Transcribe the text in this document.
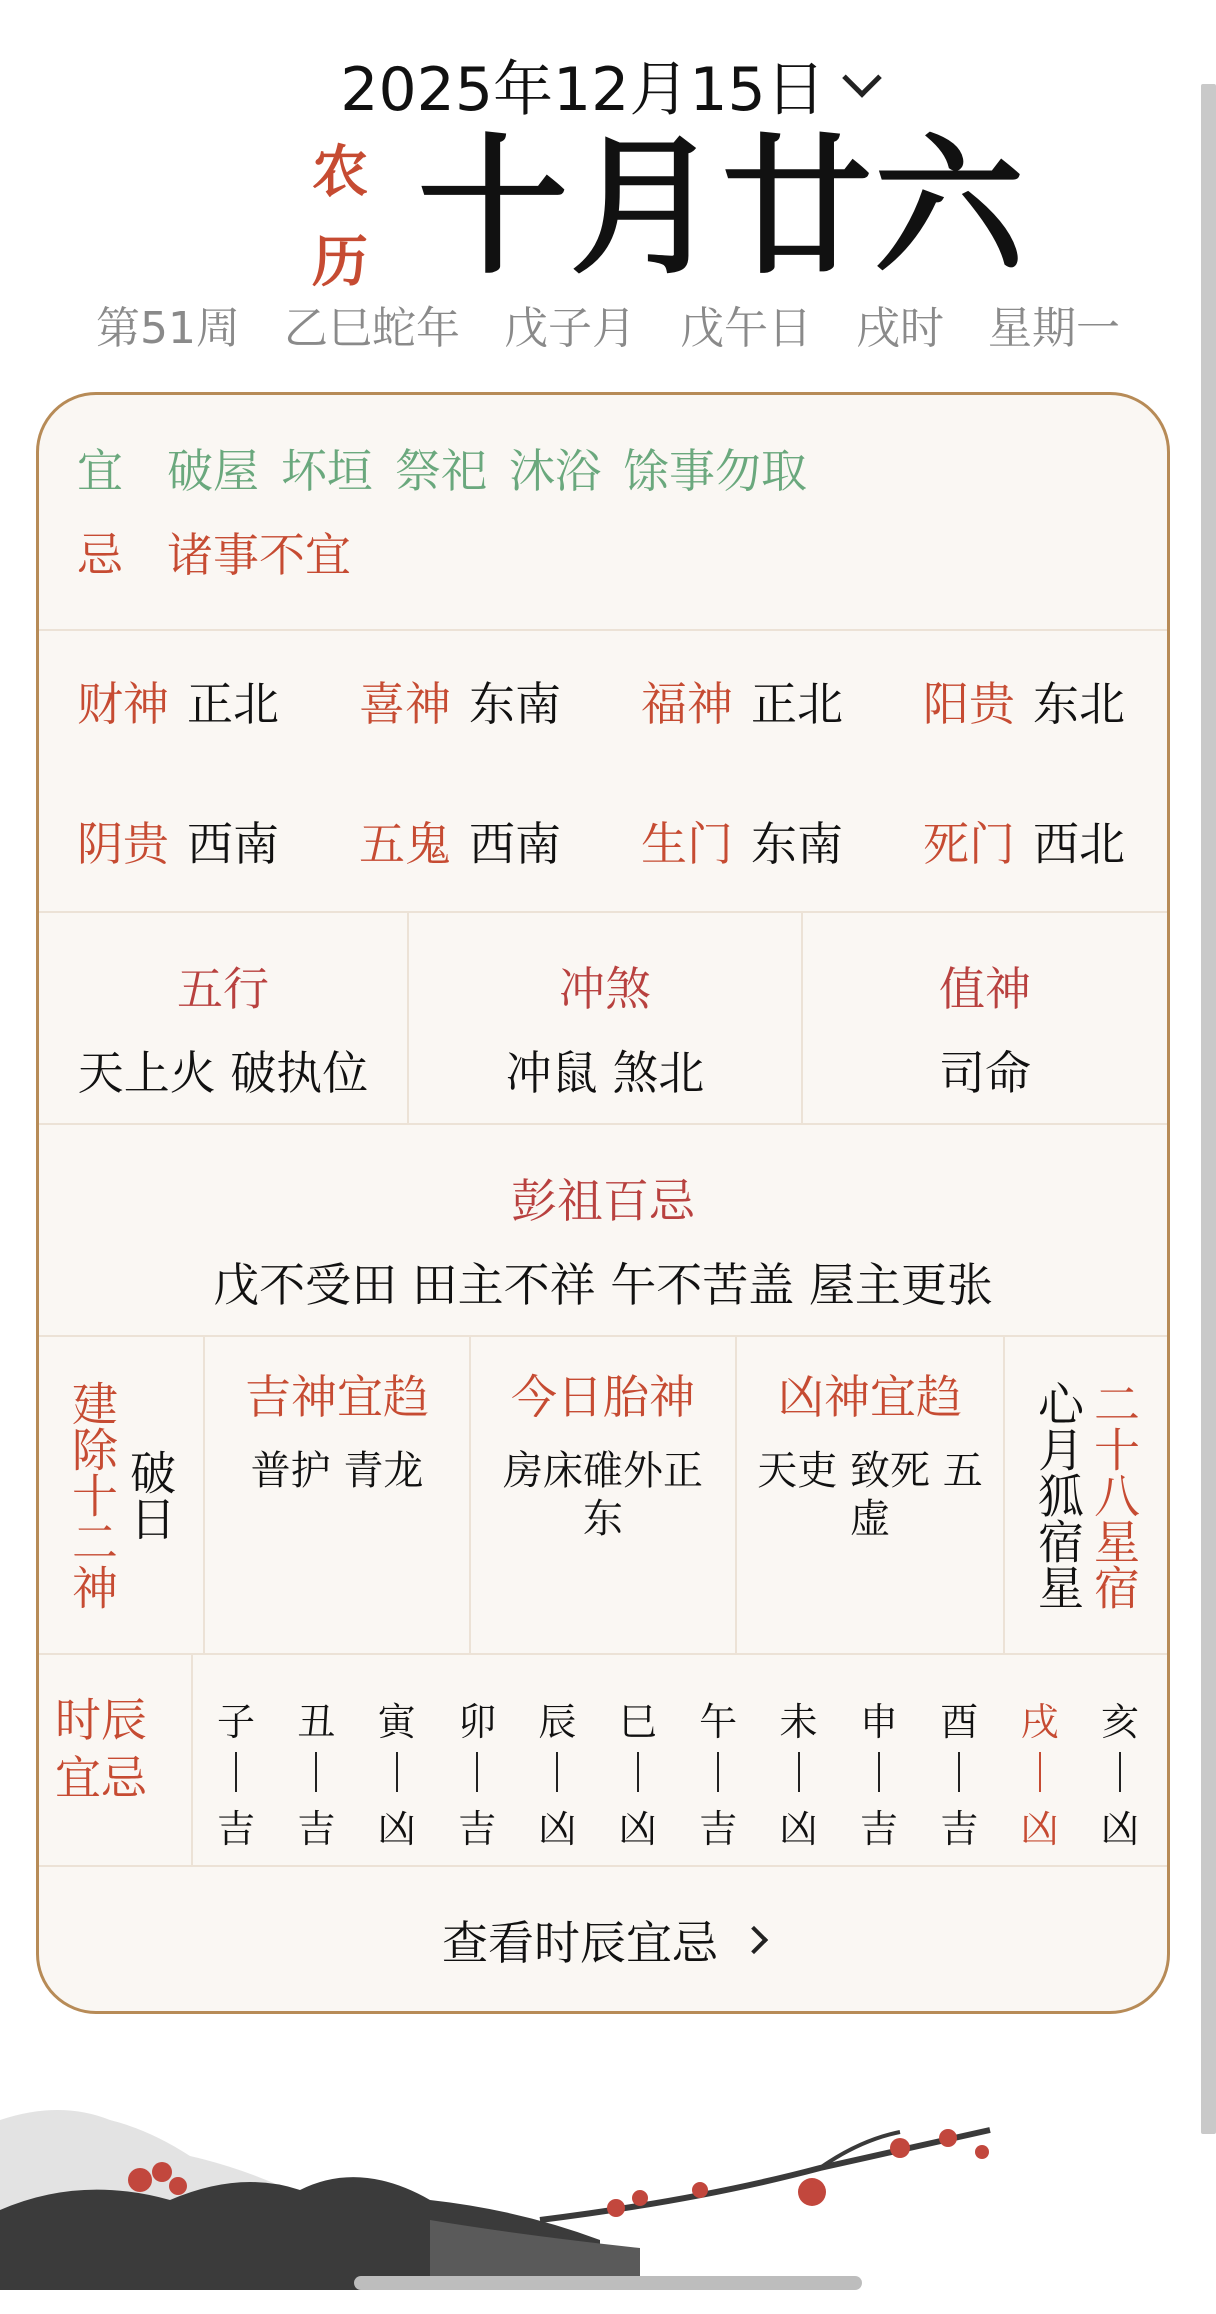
2025年12月15日
农
历 十月廿六
第51周 乙巳蛇年 戊子月 戊午日 戌时 星期一
宜 破屋 坏垣 祭祀 沐浴 馀事勿取
忌 诸事不宜
财神 正北 喜神 东南 福神 正北 阳贵 东北
阴贵 西南 五鬼 西南 生门 东南 死门 西北
五行
天上火 破执位
冲煞
冲鼠 煞北
值神
司命
彭祖百忌
戊不受田 田主不祥 午不苦盖 屋主更张
建除十二神 破日
吉神宜趋
普护 青龙
今日胎神
房床碓外正东
凶神宜趋
天吏 致死 五虚	心月狐宿星 二十八星宿
时辰
宜忌
子
吉
丑
吉
寅
凶
卯
吉
辰
凶
巳
凶
午
吉
未
凶
申
吉
酉
吉
戌
凶
亥
凶
查看时辰宜忌
